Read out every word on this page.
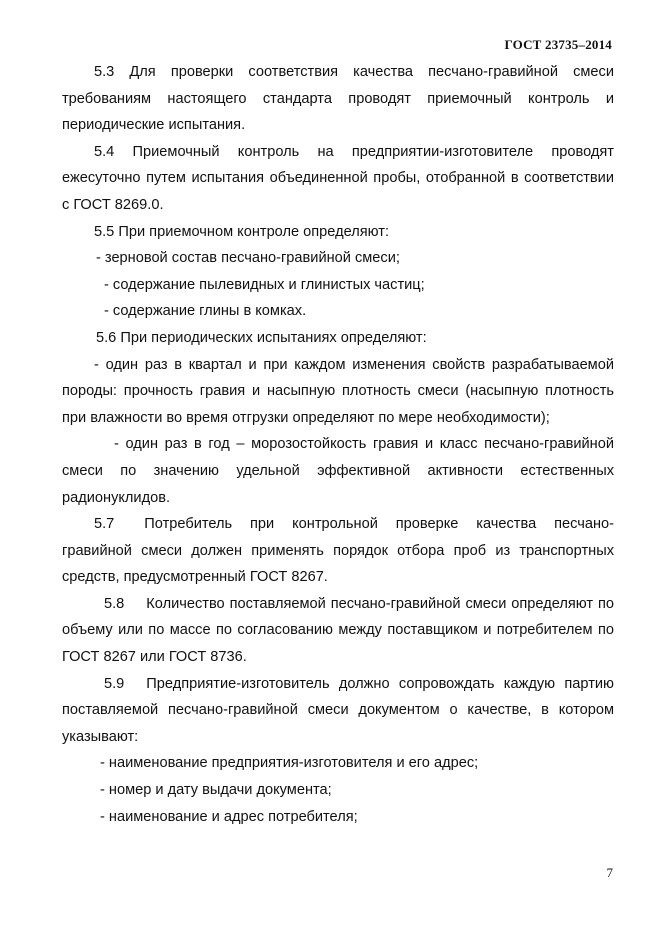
ГОСТ 23735–2014

5.3 Для проверки соответствия качества песчано-гравийной смеси требованиям настоящего стандарта проводят приемочный контроль и периодические испытания.

5.4 Приемочный контроль на предприятии-изготовителе проводят ежесуточно путем испытания объединенной пробы, отобранной в соответствии с ГОСТ 8269.0.

5.5 При приемочном контроле определяют:

- зерновой состав песчано-гравийной смеси;

- содержание пылевидных и глинистых частиц;

- содержание глины в комках.

5.6 При периодических испытаниях определяют:

- один раз в квартал и при каждом изменения свойств разрабатываемой породы: прочность гравия и насыпную плотность смеси (насыпную плотность при влажности во время отгрузки определяют по мере необходимости);

- один раз в год – морозостойкость гравия и класс песчано-гравийной смеси по значению удельной эффективной активности естественных радионуклидов.

5.7 Потребитель при контрольной проверке качества песчано-гравийной смеси должен применять порядок отбора проб из транспортных средств, предусмотренный ГОСТ 8267.

5.8 Количество поставляемой песчано-гравийной смеси определяют по объему или по массе по согласованию между поставщиком и потребителем по ГОСТ 8267 или ГОСТ 8736.

5.9 Предприятие-изготовитель должно сопровождать каждую партию поставляемой песчано-гравийной смеси документом о качестве, в котором указывают:

- наименование предприятия-изготовителя и его адрес;

- номер и дату выдачи документа;

- наименование и адрес потребителя;

7
